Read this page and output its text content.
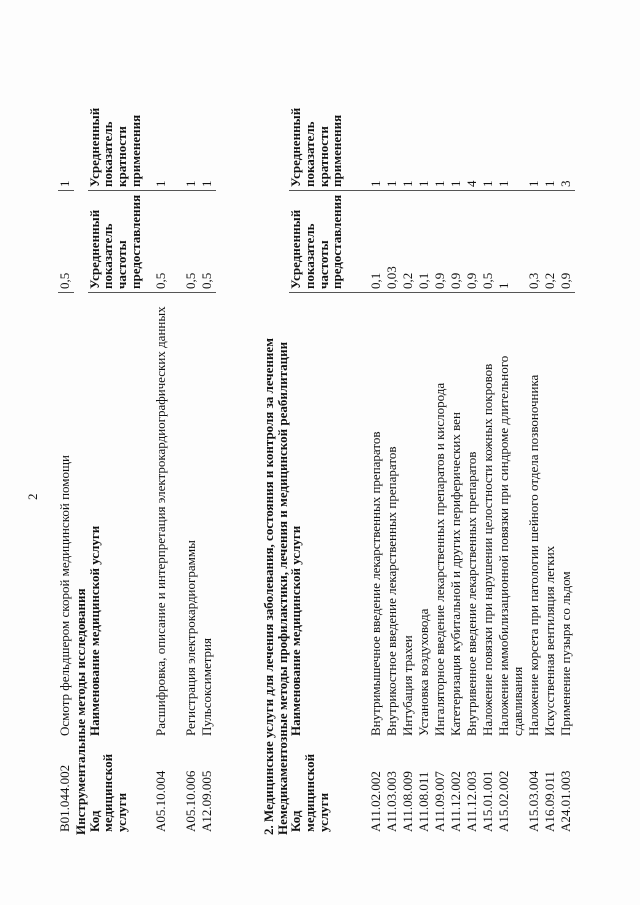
2
B01.044.002	Осмотр фельдшером скорой медицинской помощи	0,5	1
Инструментальные методы исследования
Код медицинской услуги	Наименование медицинской услуги	Усредненный показатель частоты предоставления	Усредненный показатель кратности применения
A05.10.004	Расшифровка, описание и интерпретация электрокардиографических данных	0,5	1
A05.10.006	Регистрация электрокардиограммы	0,5	1
A12.09.005	Пульсоксиметрия	0,5	1
2. Медицинские услуги для лечения заболевания, состояния и контроля за лечением
Немедикаментозные методы профилактики, лечения и медицинской реабилитации
Код медицинской услуги	Наименование медицинской услуги	Усредненный показатель частоты предоставления	Усредненный показатель кратности применения
A11.02.002	Внутримышечное введение лекарственных препаратов	0,1	1
A11.03.003	Внутрикостное введение лекарственных препаратов	0,03	1
A11.08.009	Интубация трахеи	0,2	1
A11.08.011	Установка воздуховода	0,1	1
A11.09.007	Ингаляторное введение лекарственных препаратов и кислорода	0,9	1
A11.12.002	Катетеризация кубитальной и других периферических вен	0,9	1
A11.12.003	Внутривенное введение лекарственных препаратов	0,9	4
A15.01.001	Наложение повязки при нарушении целостности кожных покровов	0,5	1
A15.02.002	Наложение иммобилизационной повязки при синдроме длительного сдавливания	1	1
A15.03.004	Наложение корсета при патологии шейного отдела позвоночника	0,3	1
A16.09.011	Искусственная вентиляция легких	0,2	1
A24.01.003	Применение пузыря со льдом	0,9	3
